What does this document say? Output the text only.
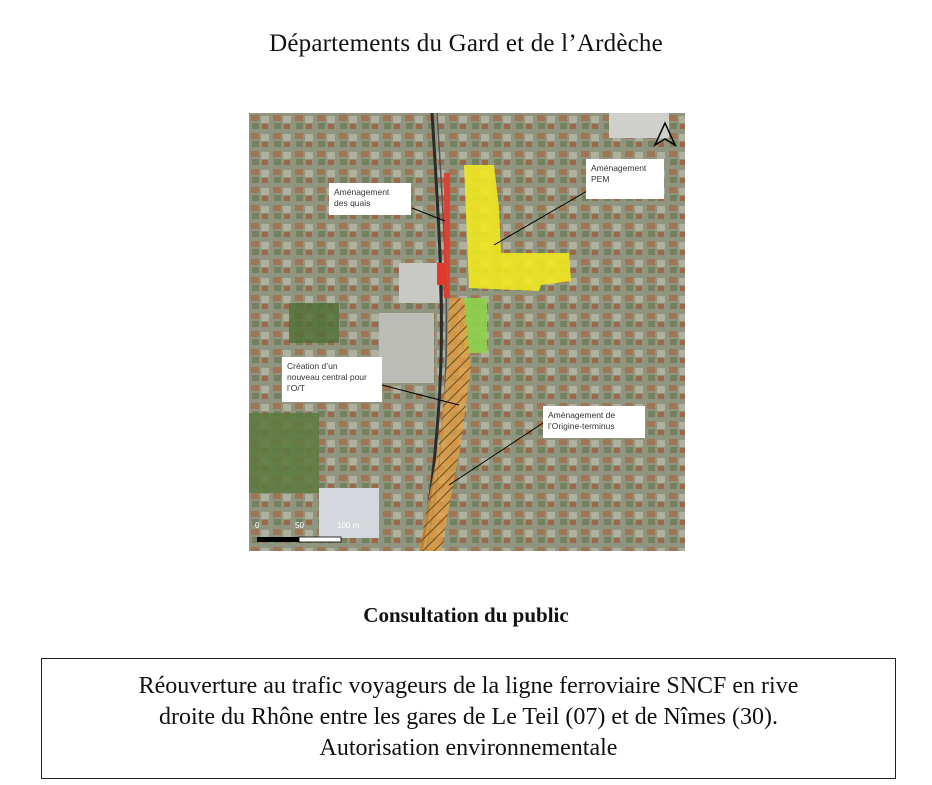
Départements du Gard et de l’Ardèche
Aménagement
des quais
Aménagement
PEM
Création d’un
nouveau central pour
l’O/T
Aménagement de
l’Origine-terminus
0	50	100 m
Consultation du public
Réouverture au trafic voyageurs de la ligne ferroviaire SNCF en rive
droite du Rhône entre les gares de Le Teil (07) et de Nîmes (30).
Autorisation environnementale
